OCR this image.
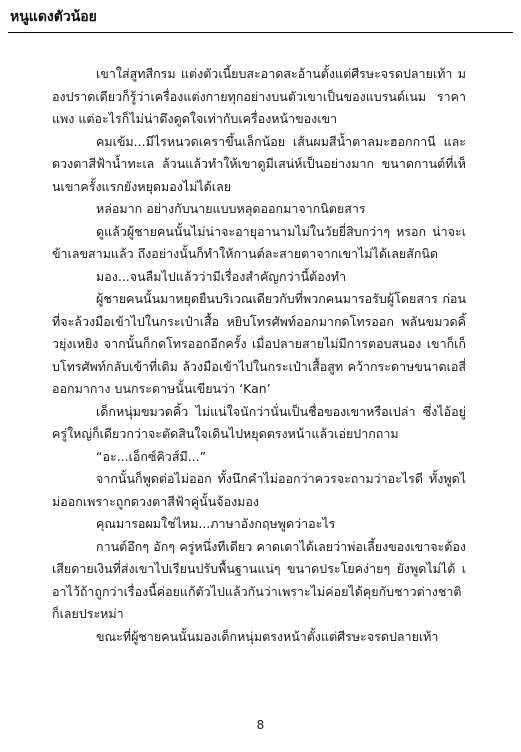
หนูแดงตัวน้อย

เขาใส่สูทสีกรม แต่งตัวเนี้ยบสะอาดสะอ้านตั้งแต่ศีรษะจรดปลายเท้า มองปราดเดียวก็รู้ว่าเครื่องแต่งกายทุกอย่างบนตัวเขาเป็นของแบรนด์เนม ราคาแพง แต่อะไรก็ไม่น่าดึงดูดใจเท่ากับเครื่องหน้าของเขา

คมเข้ม...มีไรหนวดเคราขึ้นเล็กน้อย เส้นผมสีน้ำตาลมะฮอกกานี และดวงตาสีฟ้าน้ำทะเล ล้วนแล้วทำให้เขาดูมีเสน่ห์เป็นอย่างมาก ขนาดกานต์ที่เห็นเขาครั้งแรกยังหยุดมองไม่ได้เลย

หล่อมาก อย่างกับนายแบบหลุดออกมาจากนิตยสาร

ดูแล้วผู้ชายคนนั้นไม่น่าจะอายุอานามไม่ในวัยยี่สิบกว่าๆ หรอก น่าจะเข้าเลขสามแล้ว ถึงอย่างนั้นก็ทำให้กานต์ละสายตาจากเขาไม่ได้เลยสักนิด

มอง...จนลืมไปแล้วว่ามีเรื่องสำคัญกว่านี้ต้องทำ

ผู้ชายคนนั้นมาหยุดยืนบริเวณเดียวกับที่พวกคนมารอรับผู้โดยสาร ก่อนที่จะล้วงมือเข้าไปในกระเป๋าเสื้อ หยิบโทรศัพท์ออกมากดโทรออก พลันขมวดคิ้วยุ่งเหยิง จากนั้นก็กดโทรออกอีกครั้ง เมื่อปลายสายไม่มีการตอบสนอง เขาก็เก็บโทรศัพท์กลับเข้าที่เดิม ล้วงมือเข้าไปในกระเป๋าเสื้อสูท คว้ากระดาษขนาดเอสี่ออกมากาง บนกระดาษนั้นเขียนว่า ‘Kan’

เด็กหนุ่มขมวดคิ้ว ไม่แน่ใจนักว่านั่นเป็นชื่อของเขาหรือเปล่า ซึ่งไอ้อยู่ครู่ใหญ่ก็เดียวกว่าจะตัดสินใจเดินไปหยุดตรงหน้าแล้วเอ่ยปากถาม

“อะ...เอ็กซ์คิวส์มี...”

จากนั้นก็พูดต่อไม่ออก ทั้งนึกคำไม่ออกว่าควรจะถามว่าอะไรดี ทั้งพูดไม่ออกเพราะถูกดวงตาสีฟ้าคู่นั้นจ้องมอง

คุณมารอผมใช่ไหม...ภาษาอังกฤษพูดว่าอะไร

กานต์อึกๆ อักๆ ครู่หนึ่งทีเดียว คาดเดาได้เลยว่าพ่อเลี้ยงของเขาจะต้องเสียดายเงินที่ส่งเขาไปเรียนปรับพื้นฐานแน่ๆ ขนาดประโยคง่ายๆ ยังพูดไม่ได้ เอาไว้ถ้าถูกว่าเรื่องนี้ค่อยแก้ตัวไปแล้วกันว่าเพราะไม่ค่อยได้คุยกับชาวต่างชาติก็เลยประหม่า

ขณะที่ผู้ชายคนนั้นมองเด็กหนุ่มตรงหน้าตั้งแต่ศีรษะจรดปลายเท้า

8
